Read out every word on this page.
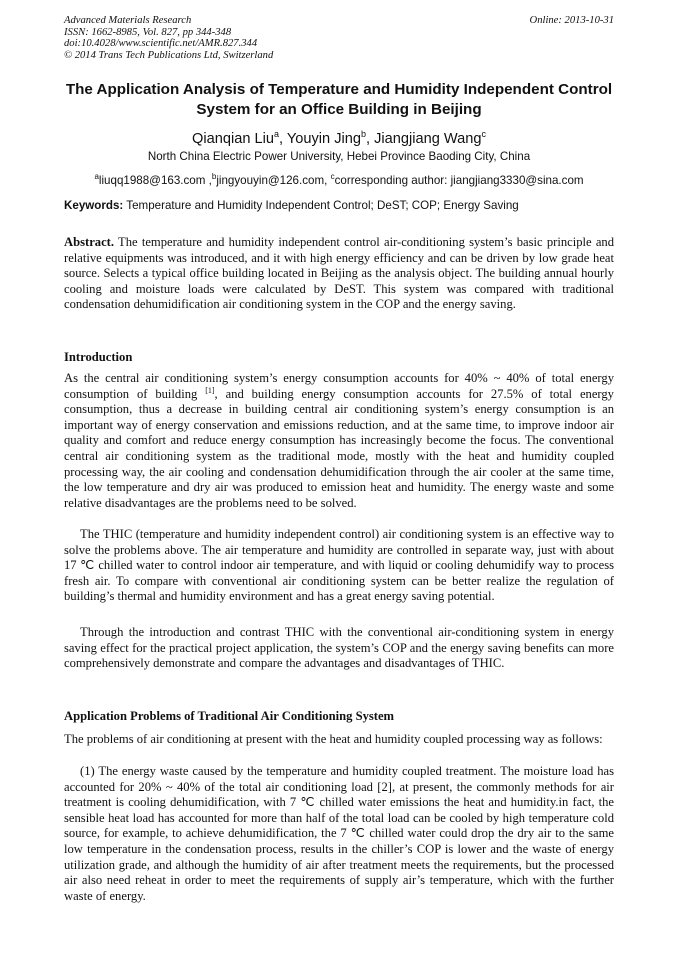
Advanced Materials Research
ISSN: 1662-8985, Vol. 827, pp 344-348
doi:10.4028/www.scientific.net/AMR.827.344
© 2014 Trans Tech Publications Ltd, Switzerland
Online: 2013-10-31
The Application Analysis of Temperature and Humidity Independent Control System for an Office Building in Beijing
Qianqian Liu$^a$, Youyin Jing$^b$, Jiangjiang Wang$^c$
North China Electric Power University, Hebei Province Baoding City, China
$^a$liuqq1988@163.com ,$^b$jingyouyin@126.com, $^c$corresponding author: jiangjiang3330@sina.com
Keywords: Temperature and Humidity Independent Control; DeST; COP; Energy Saving

Abstract. The temperature and humidity independent control air-conditioning system’s basic principle and relative equipments was introduced, and it with high energy efficiency and can be driven by low grade heat source. Selects a typical office building located in Beijing as the analysis object. The building annual hourly cooling and moisture loads were calculated by DeST. This system was compared with traditional condensation dehumidification air conditioning system in the COP and the energy saving.

Introduction

As the central air conditioning system’s energy consumption accounts for 40% ~ 40% of total energy consumption of building [1], and building energy consumption accounts for 27.5% of total energy consumption, thus a decrease in building central air conditioning system’s energy consumption is an important way of energy conservation and emissions reduction, and at the same time, to improve indoor air quality and comfort and reduce energy consumption has increasingly become the focus. The conventional central air conditioning system as the traditional mode, mostly with the heat and humidity coupled processing way, the air cooling and condensation dehumidification through the air cooler at the same time, the low temperature and dry air was produced to emission heat and humidity. The energy waste and some relative disadvantages are the problems need to be solved.

The THIC (temperature and humidity independent control) air conditioning system is an effective way to solve the problems above. The air temperature and humidity are controlled in separate way, just with about 17 ℃ chilled water to control indoor air temperature, and with liquid or cooling dehumidify way to process fresh air. To compare with conventional air conditioning system can be better realize the regulation of building’s thermal and humidity environment and has a great energy saving potential.

Through the introduction and contrast THIC with the conventional air-conditioning system in energy saving effect for the practical project application, the system’s COP and the energy saving benefits can more comprehensively demonstrate and compare the advantages and disadvantages of THIC.

Application Problems of Traditional Air Conditioning System

The problems of air conditioning at present with the heat and humidity coupled processing way as follows:

(1) The energy waste caused by the temperature and humidity coupled treatment. The moisture load has accounted for 20% ~ 40% of the total air conditioning load [2], at present, the commonly methods for air treatment is cooling dehumidification, with 7 ℃ chilled water emissions the heat and humidity.in fact, the sensible heat load has accounted for more than half of the total load can be cooled by high temperature cold source, for example, to achieve dehumidification, the 7 ℃ chilled water could drop the dry air to the same low temperature in the condensation process, results in the chiller’s COP is lower and the waste of energy utilization grade, and although the humidity of air after treatment meets the requirements, but the processed air also need reheat in order to meet the requirements of supply air’s temperature, which with the further waste of energy.
